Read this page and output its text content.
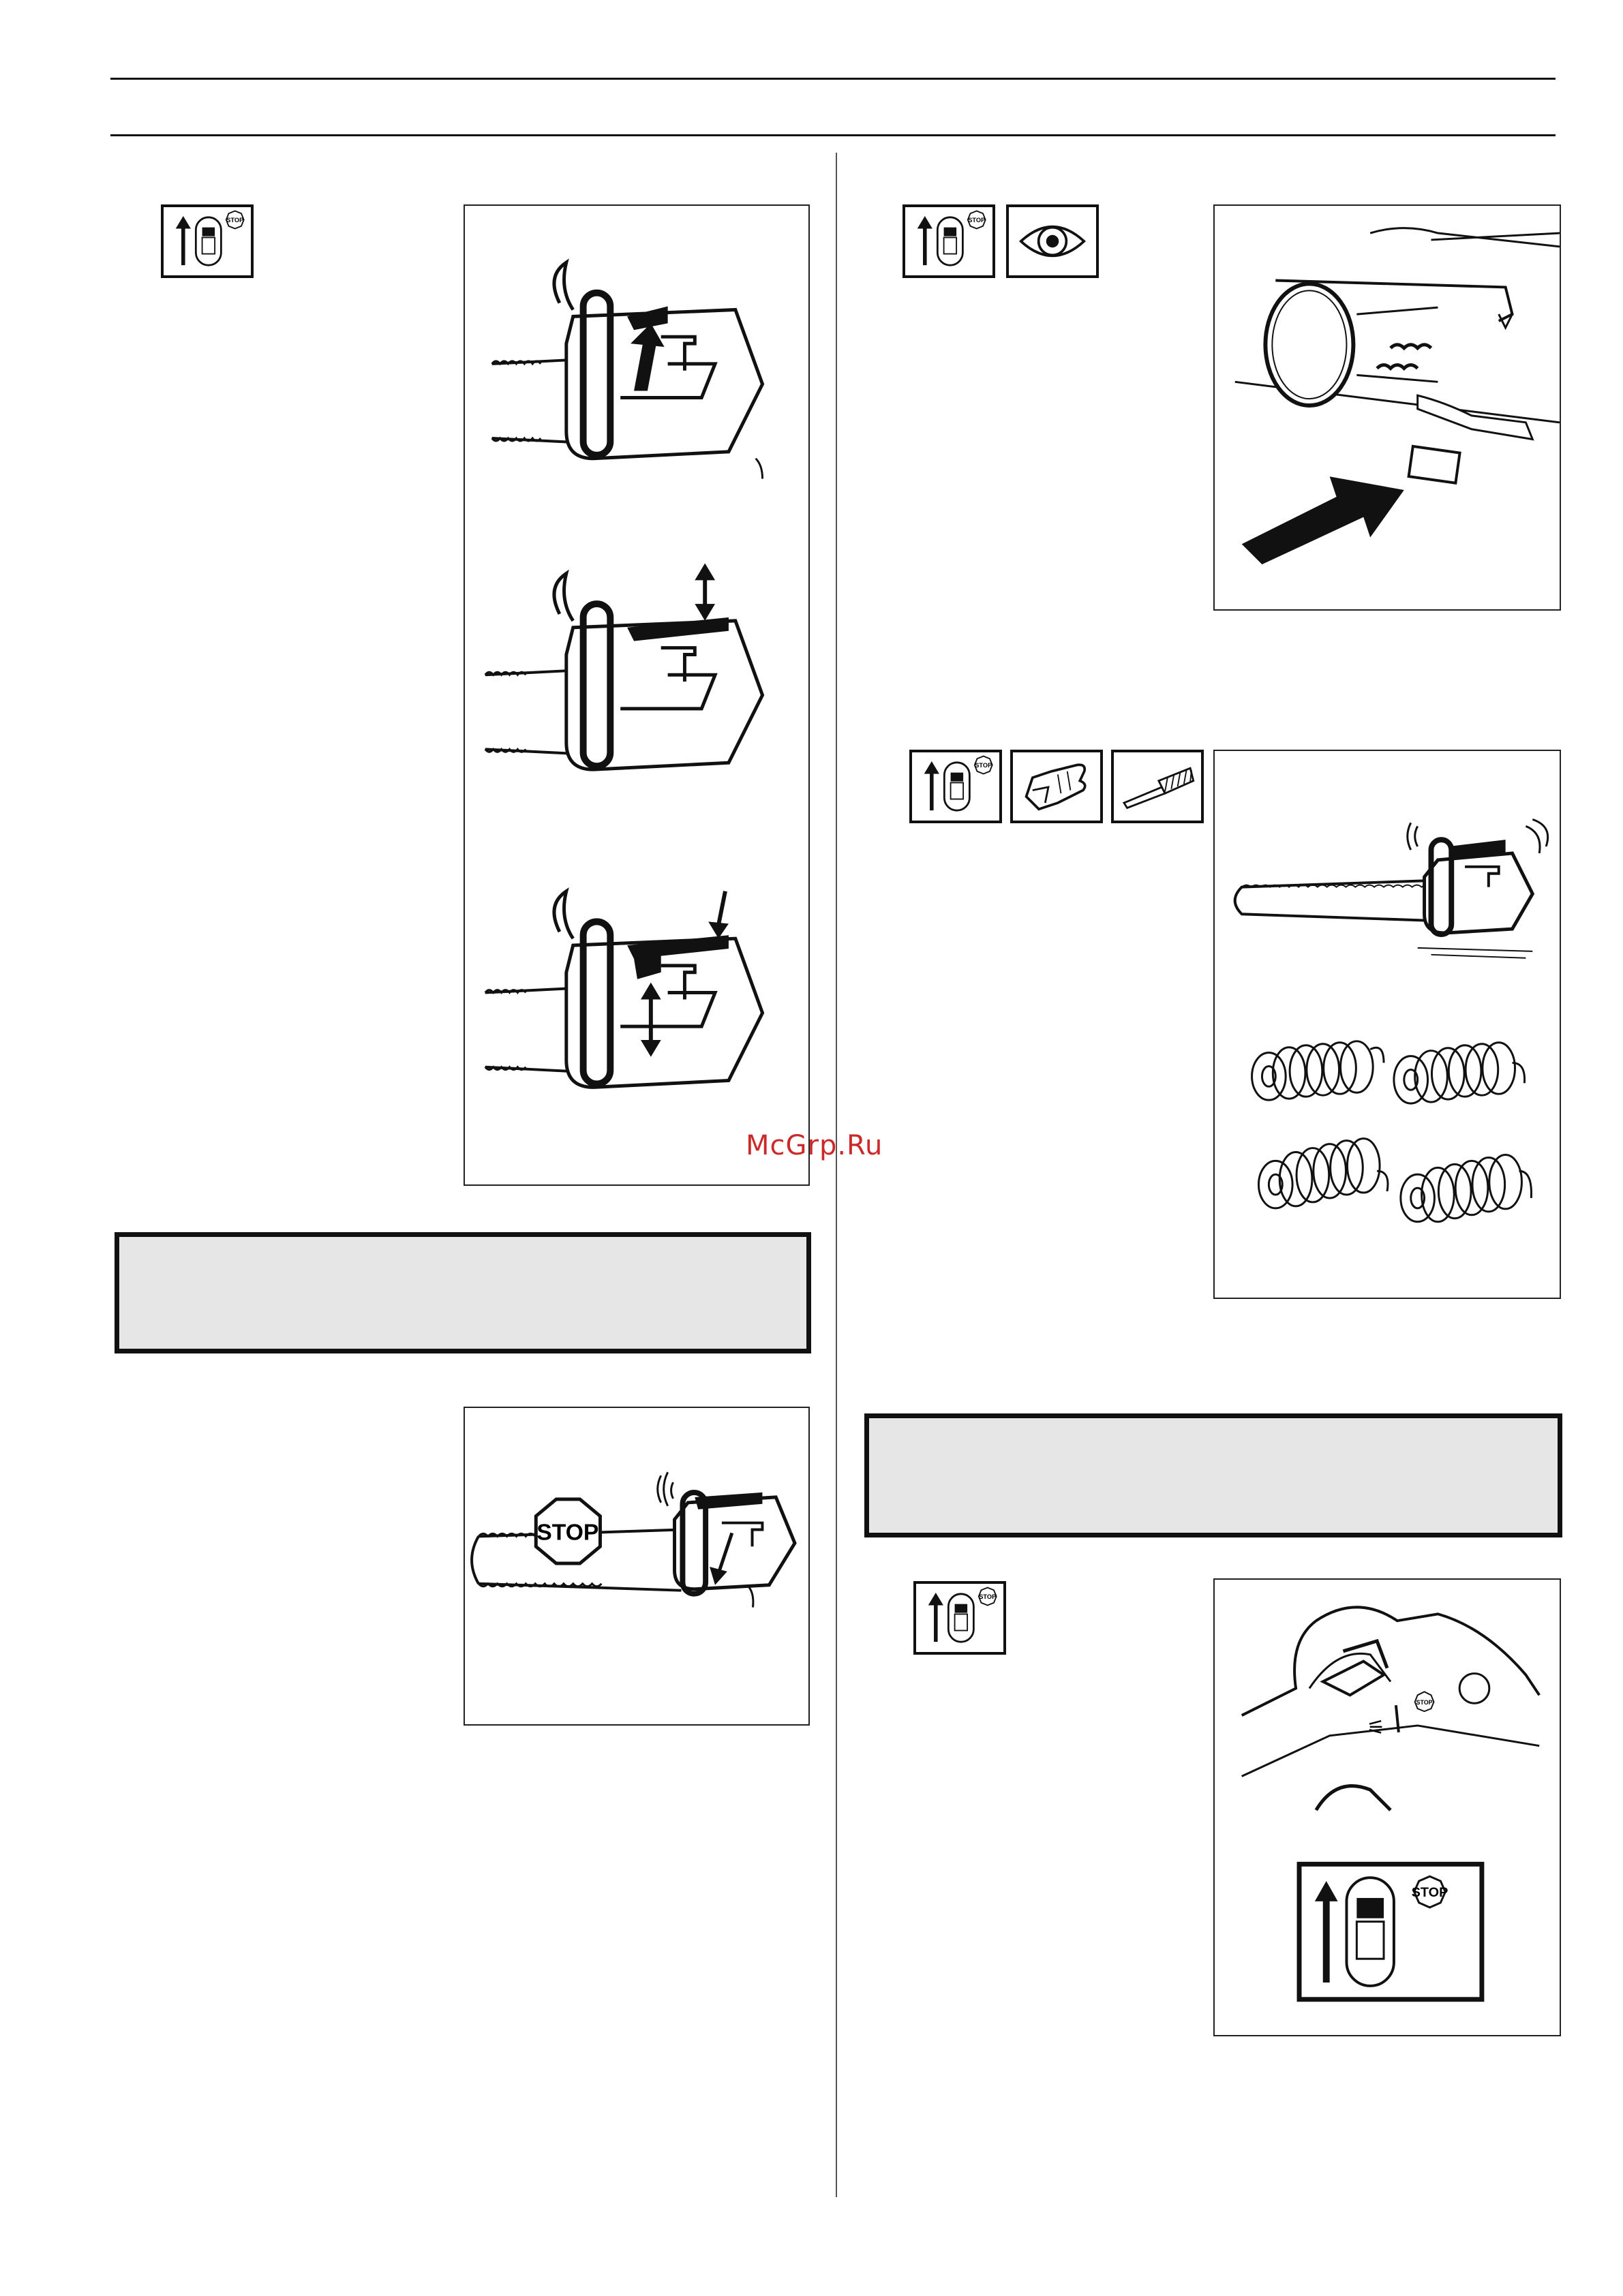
STOP
STOP
STOP
STOP
McGrp.Ru
STOP
⚟
STOP
STOP
